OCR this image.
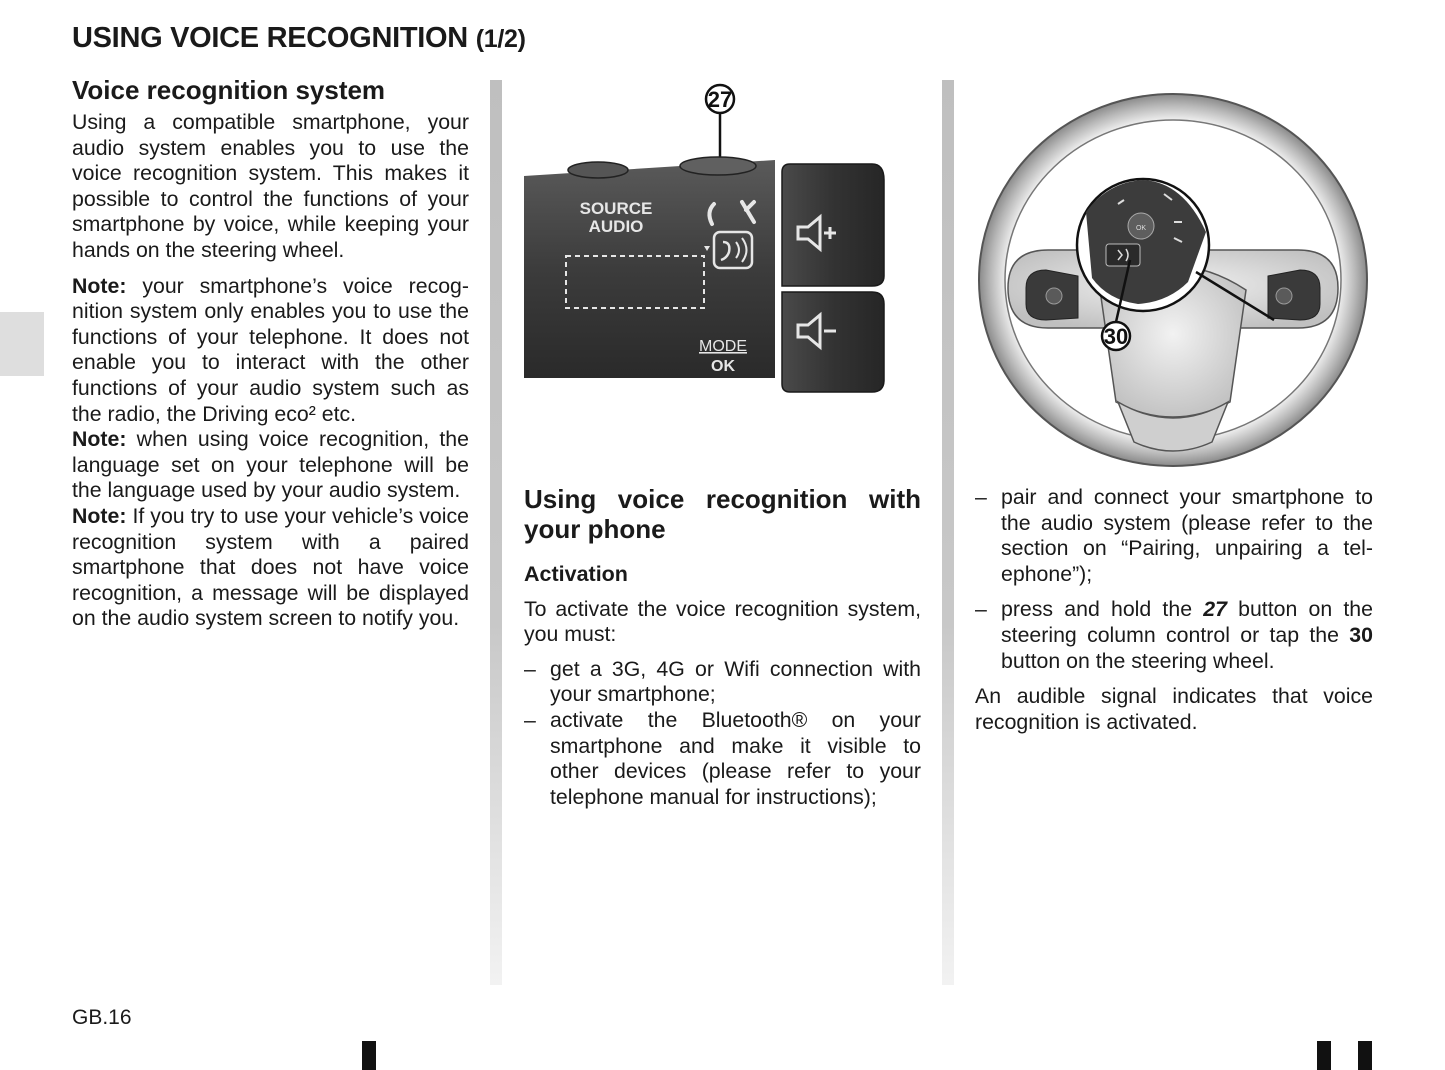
USING VOICE RECOGNITION (1/2)

Voice recognition system

Using a compatible smartphone, your audio system enables you to use the voice recognition system. This makes it possible to control the functions of your smartphone by voice, while keeping your hands on the steering wheel.

Note: your smartphone’s voice recognition system only enables you to use the functions of your telephone. It does not enable you to interact with the other functions of your audio system such as the radio, the Driving eco² etc.

Note: when using voice recognition, the language set on your telephone will be the language used by your audio system.

Note: If you try to use your vehicle’s voice recognition system with a paired smartphone that does not have voice recognition, a message will be displayed on the audio system screen to notify you.

27
SOURCE
AUDIO
MODE
OK
OK
30

Using voice recognition with your phone

Activation

To activate the voice recognition system, you must:

– get a 3G, 4G or Wifi connection with your smartphone;
– activate the Bluetooth® on your smartphone and make it visible to other devices (please refer to your telephone manual for instructions);
– pair and connect your smartphone to the audio system (please refer to the section on “Pairing, unpairing a telephone”);
– press and hold the 27 button on the steering column control or tap the 30 button on the steering wheel.

An audible signal indicates that voice recognition is activated.

GB.16
